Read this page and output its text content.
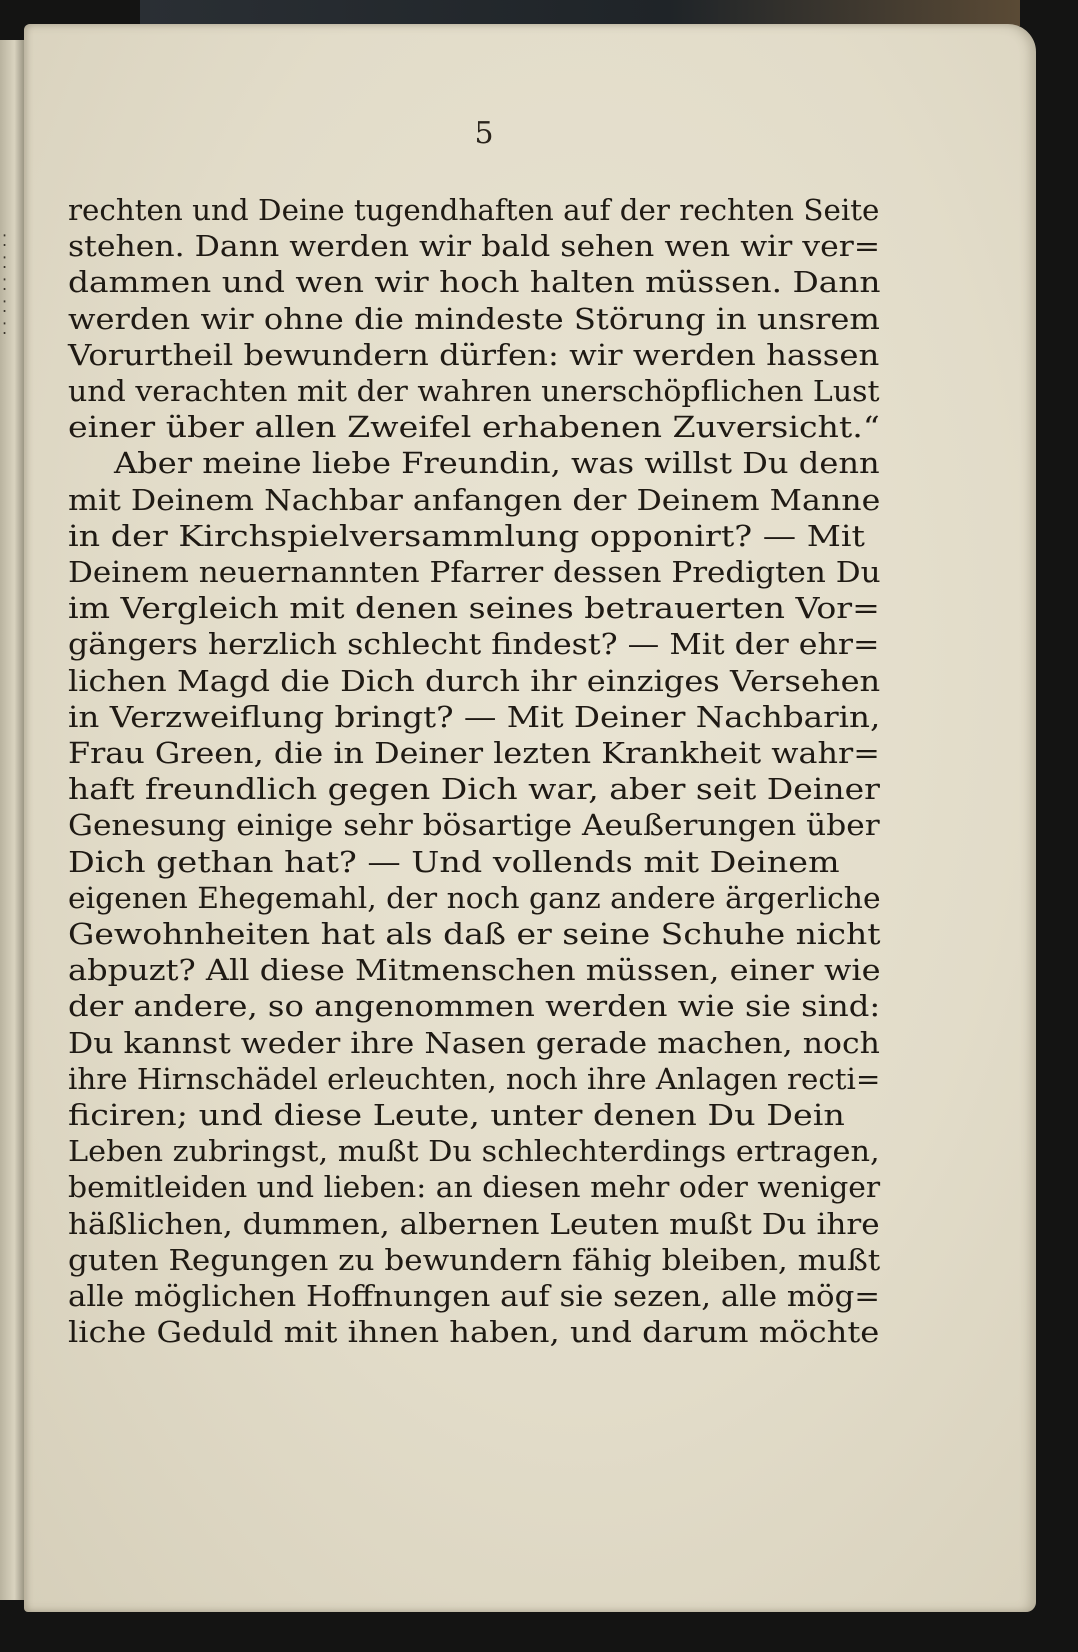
⁚
⁚
⁚
⁚
⁚
5
rechten und Deine tugendhaften auf der rechten Seite
stehen. Dann werden wir bald sehen wen wir ver=
dammen und wen wir hoch halten müssen. Dann
werden wir ohne die mindeste Störung in unsrem
Vorurtheil bewundern dürfen: wir werden hassen
und verachten mit der wahren unerschöpflichen Lust
einer über allen Zweifel erhabenen Zuversicht.“
Aber meine liebe Freundin, was willst Du denn
mit Deinem Nachbar anfangen der Deinem Manne
in der Kirchspielversammlung opponirt? — Mit
Deinem neuernannten Pfarrer dessen Predigten Du
im Vergleich mit denen seines betrauerten Vor=
gängers herzlich schlecht findest? — Mit der ehr=
lichen Magd die Dich durch ihr einziges Versehen
in Verzweiflung bringt? — Mit Deiner Nachbarin,
Frau Green, die in Deiner lezten Krankheit wahr=
haft freundlich gegen Dich war, aber seit Deiner
Genesung einige sehr bösartige Aeußerungen über
Dich gethan hat? — Und vollends mit Deinem
eigenen Ehegemahl, der noch ganz andere ärgerliche
Gewohnheiten hat als daß er seine Schuhe nicht
abpuzt? All diese Mitmenschen müssen, einer wie
der andere, so angenommen werden wie sie sind:
Du kannst weder ihre Nasen gerade machen, noch
ihre Hirnschädel erleuchten, noch ihre Anlagen recti=
ficiren; und diese Leute, unter denen Du Dein
Leben zubringst, mußt Du schlechterdings ertragen,
bemitleiden und lieben: an diesen mehr oder weniger
häßlichen, dummen, albernen Leuten mußt Du ihre
guten Regungen zu bewundern fähig bleiben, mußt
alle möglichen Hoffnungen auf sie sezen, alle mög=
liche Geduld mit ihnen haben, und darum möchte
